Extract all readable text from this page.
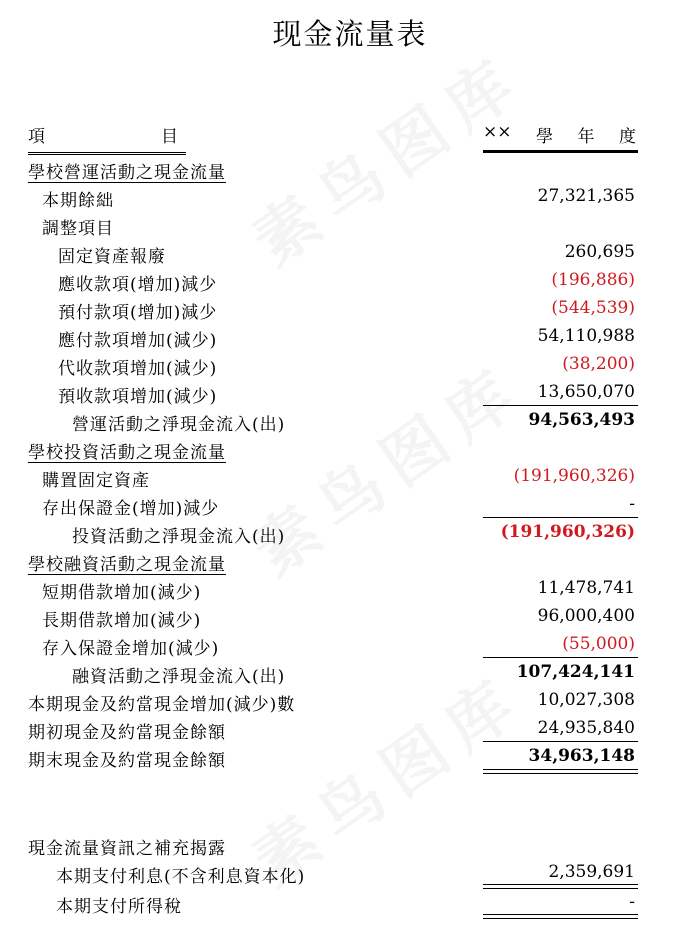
现金流量表
項	目	×× 學 年 度
學校營運活動之現金流量
本期餘絀	27,321,365
調整項目
固定資產報廢	260,695
應收款項(增加)減少	(196,886)
預付款項(增加)減少	(544,539)
應付款項增加(減少)	54,110,988
代收款項增加(減少)	(38,200)
預收款項增加(減少)	13,650,070
營運活動之淨現金流入(出)	94,563,493
學校投資活動之現金流量
購置固定資產	(191,960,326)
存出保證金(增加)減少	-
投資活動之淨現金流入(出)	(191,960,326)
學校融資活動之現金流量
短期借款增加(減少)	11,478,741
長期借款增加(減少)	96,000,400
存入保證金增加(減少)	(55,000)
融資活動之淨現金流入(出)	107,424,141
本期現金及約當現金增加(減少)數	10,027,308
期初現金及約當現金餘額	24,935,840
期末現金及約當現金餘額	34,963,148
現金流量資訊之補充揭露
本期支付利息(不含利息資本化)	2,359,691
本期支付所得稅	-
